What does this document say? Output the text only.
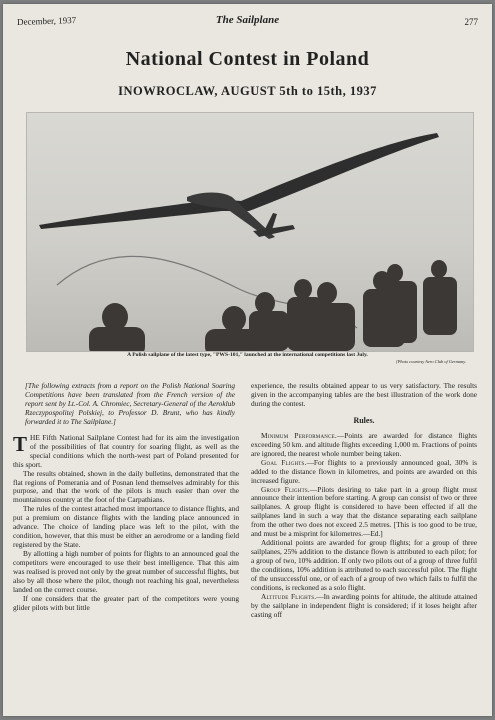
December, 1937	The Sailplane	277
National Contest in Poland
INOWROCLAW, AUGUST 5th to 15th, 1937
A Polish sailplane of the latest type, "PWS-101," launched at the international competitions last July.
[Photo courtesy Aero Club of Germany.

[The following extracts from a report on the Polish National Soaring Competitions have been translated from the French version of the report sent by Lt.-Col. A. Chromiec, Secretary-General of the Aeroklub Rzeczypospolitej Polskiej, to Professor D. Brunt, who has kindly forwarded it to The Sailplane.]

THE Fifth National Sailplane Contest had for its aim the investigation of the possibilities of flat country for soaring flight, as well as the special conditions which the north-west part of Poland presented for this sport.

The results obtained, shown in the daily bulletins, demonstrated that the flat regions of Pomerania and of Posnan lend themselves admirably for this purpose, and that the work of the pilots is much easier than over the mountainous country at the foot of the Carpathians.

The rules of the contest attached most importance to distance flights, and put a premium on distance flights with the landing place announced in advance. The choice of landing place was left to the pilot, with the condition, however, that this must be either an aerodrome or a landing field registered by the State.

By allotting a high number of points for flights to an announced goal the competitors were encouraged to use their best intelligence. That this aim was realised is proved not only by the great number of successful flights, but also by all those where the pilot, though not reaching his goal, nevertheless landed on the correct course.

If one considers that the greater part of the competitors were young glider pilots with but little

experience, the results obtained appear to us very satisfactory. The results given in the accompanying tables are the best illustration of the work done during the contest.

Rules.

Minimum Performance.—Points are awarded for distance flights exceeding 50 km. and altitude flights exceeding 1,000 m. Fractions of points are ignored, the nearest whole number being taken.

Goal Flights.—For flights to a previously announced goal, 30% is added to the distance flown in kilometres, and points are awarded on this increased figure.

Group Flights.—Pilots desiring to take part in a group flight must announce their intention before starting. A group can consist of two or three sailplanes. A group flight is considered to have been effected if all the sailplanes land in such a way that the distance separating each sailplane from the other two does not exceed 2.5 metres. [This is too good to be true, and must be a misprint for kilometres.—Ed.]

Additional points are awarded for group flights; for a group of three sailplanes, 25% addition to the distance flown is attributed to each pilot; for a group of two, 10% addition. If only two pilots out of a group of three fulfil the conditions, 10% addition is attributed to each successful pilot. The flight of the unsuccessful one, or of each of a group of two which fails to fulfil the conditions, is reckoned as a solo flight.

Altitude Flights.—In awarding points for altitude, the altitude attained by the sailplane in independent flight is considered; if it loses height after casting off
